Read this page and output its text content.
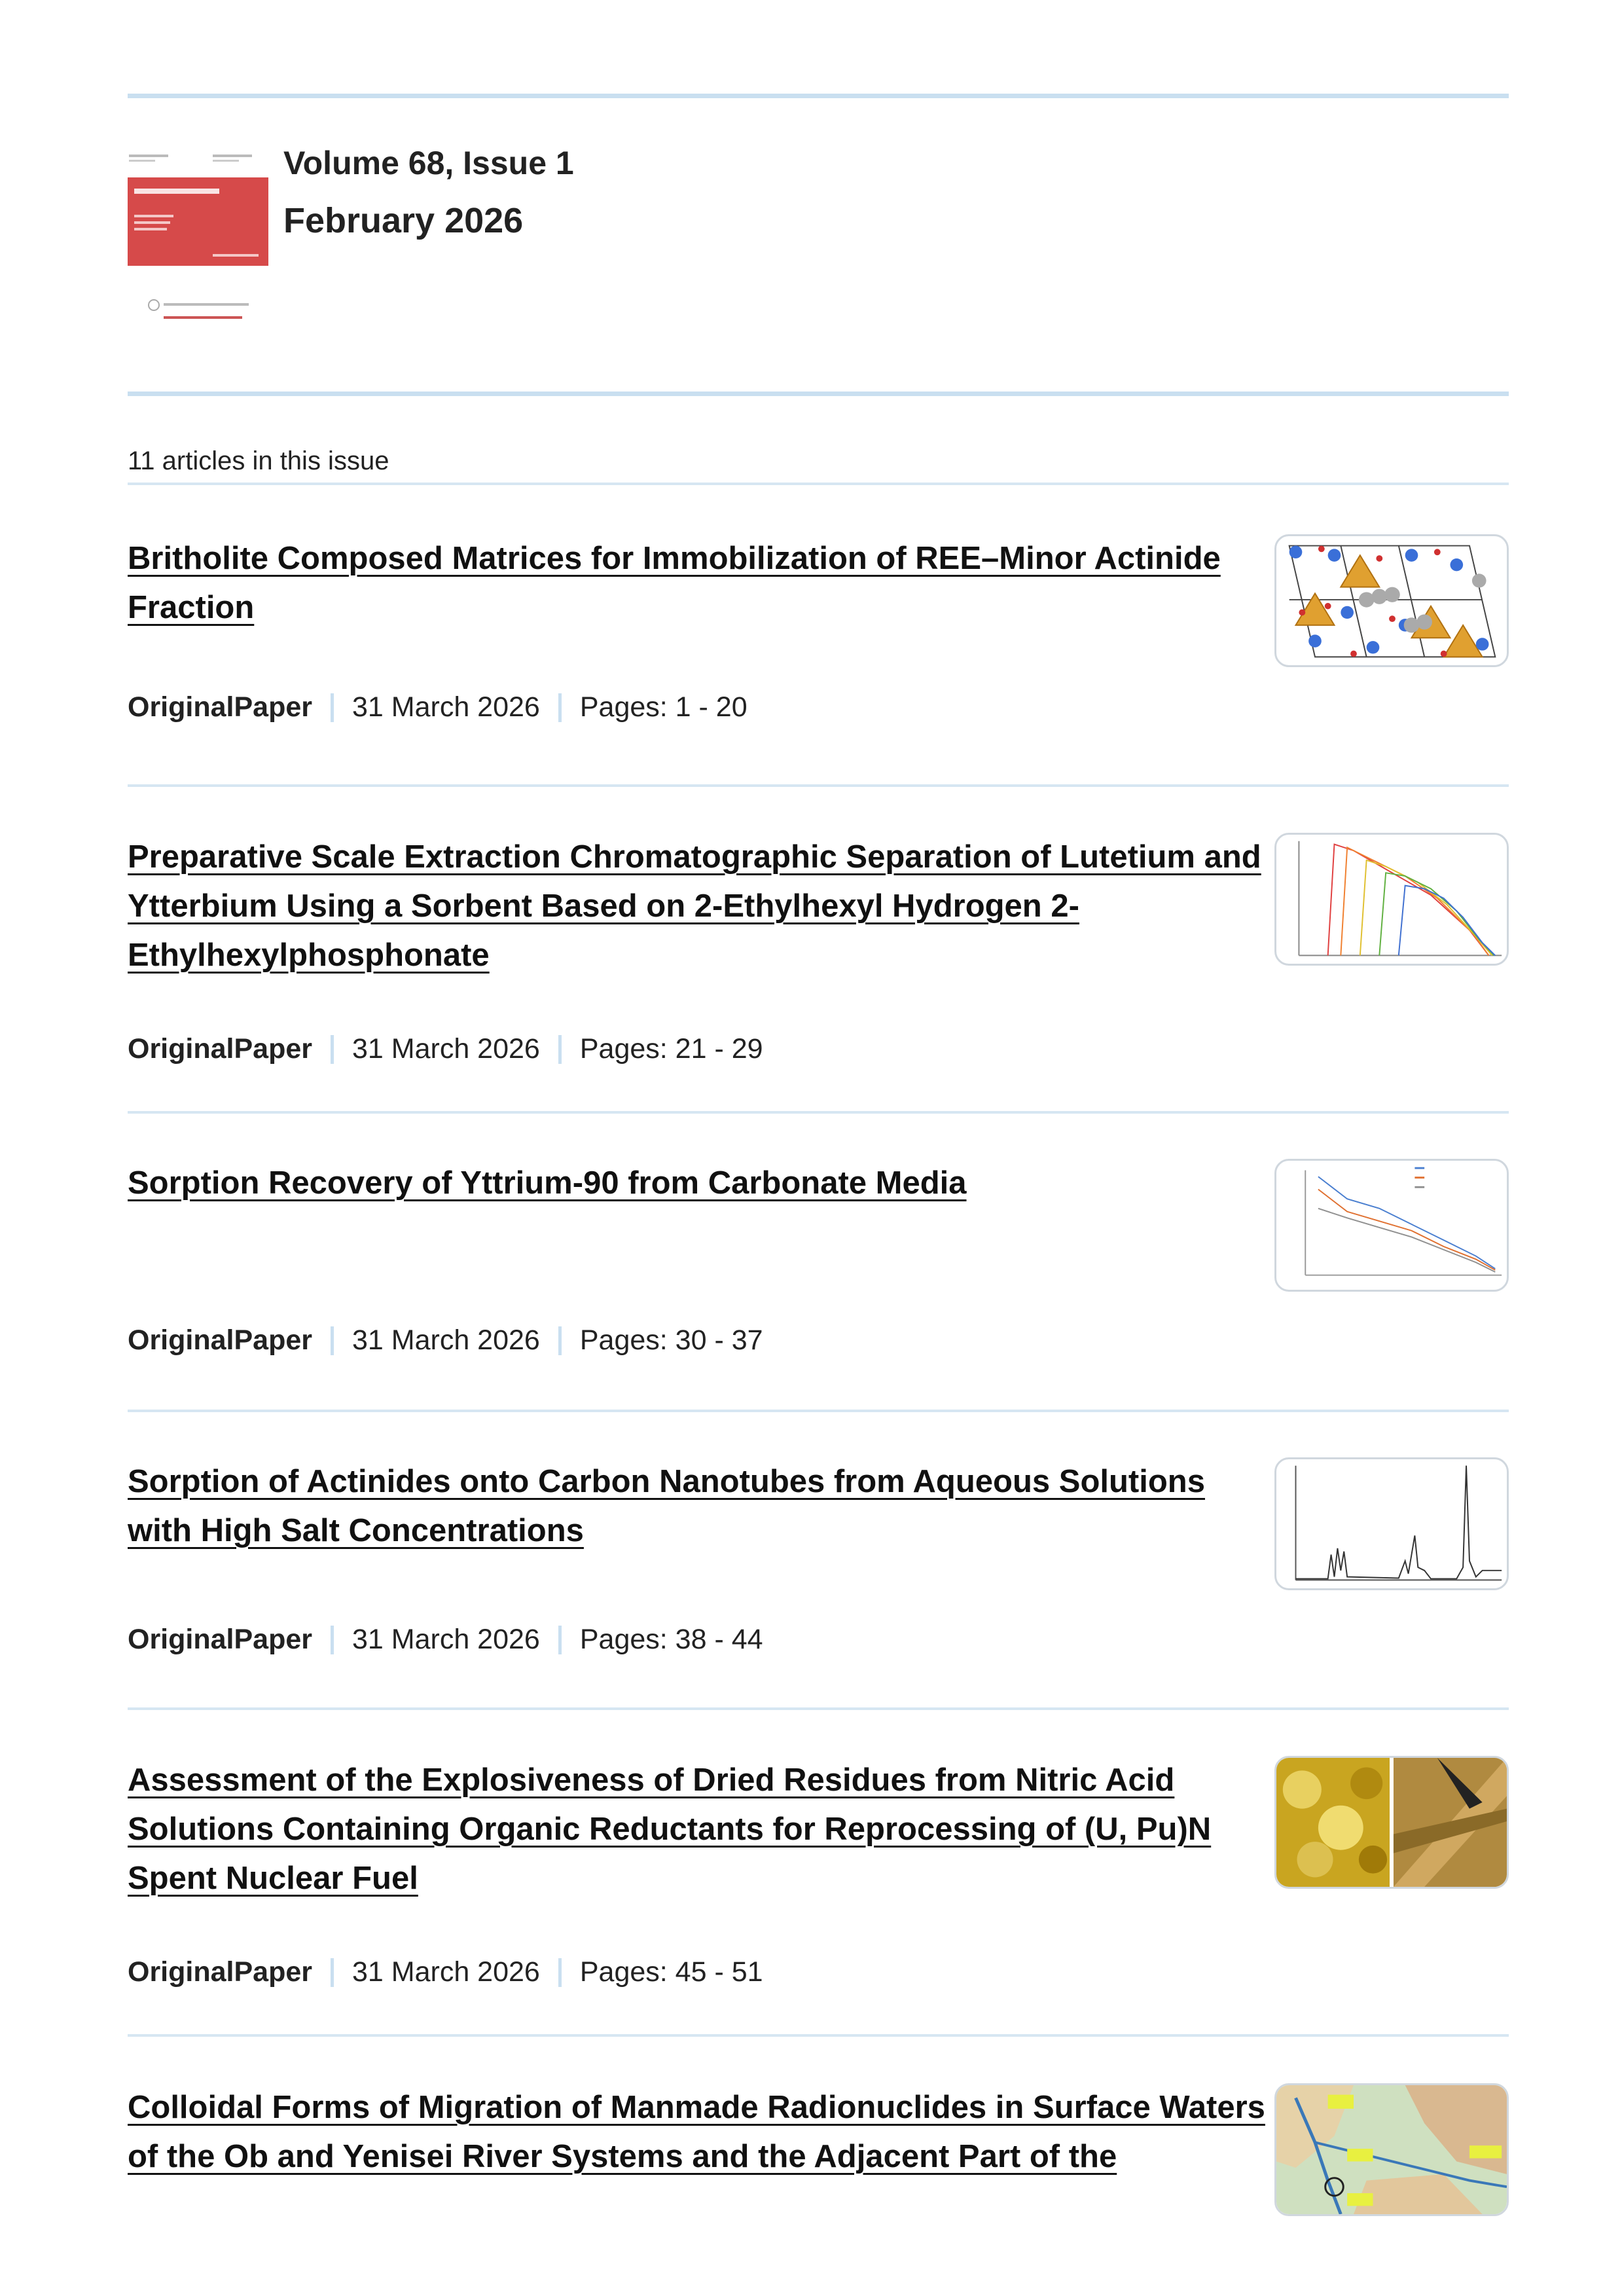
Volume 68, Issue 1
February 2026
11 articles in this issue
Britholite Composed Matrices for Immobilization of REE–Minor Actinide Fraction
OriginalPaper 31 March 2026 Pages: 1 - 20
Preparative Scale Extraction Chromatographic Separation of Lutetium and Ytterbium Using a Sorbent Based on 2-Ethylhexyl Hydrogen 2-Ethylhexylphosphonate
OriginalPaper 31 March 2026 Pages: 21 - 29
Sorption Recovery of Yttrium-90 from Carbonate Media
OriginalPaper 31 March 2026 Pages: 30 - 37
Sorption of Actinides onto Carbon Nanotubes from Aqueous Solutions with High Salt Concentrations
OriginalPaper 31 March 2026 Pages: 38 - 44
Assessment of the Explosiveness of Dried Residues from Nitric Acid Solutions Containing Organic Reductants for Reprocessing of (U, Pu)N Spent Nuclear Fuel
OriginalPaper 31 March 2026 Pages: 45 - 51
Colloidal Forms of Migration of Manmade Radionuclides in Surface Waters of the Ob and Yenisei River Systems and the Adjacent Part of the
